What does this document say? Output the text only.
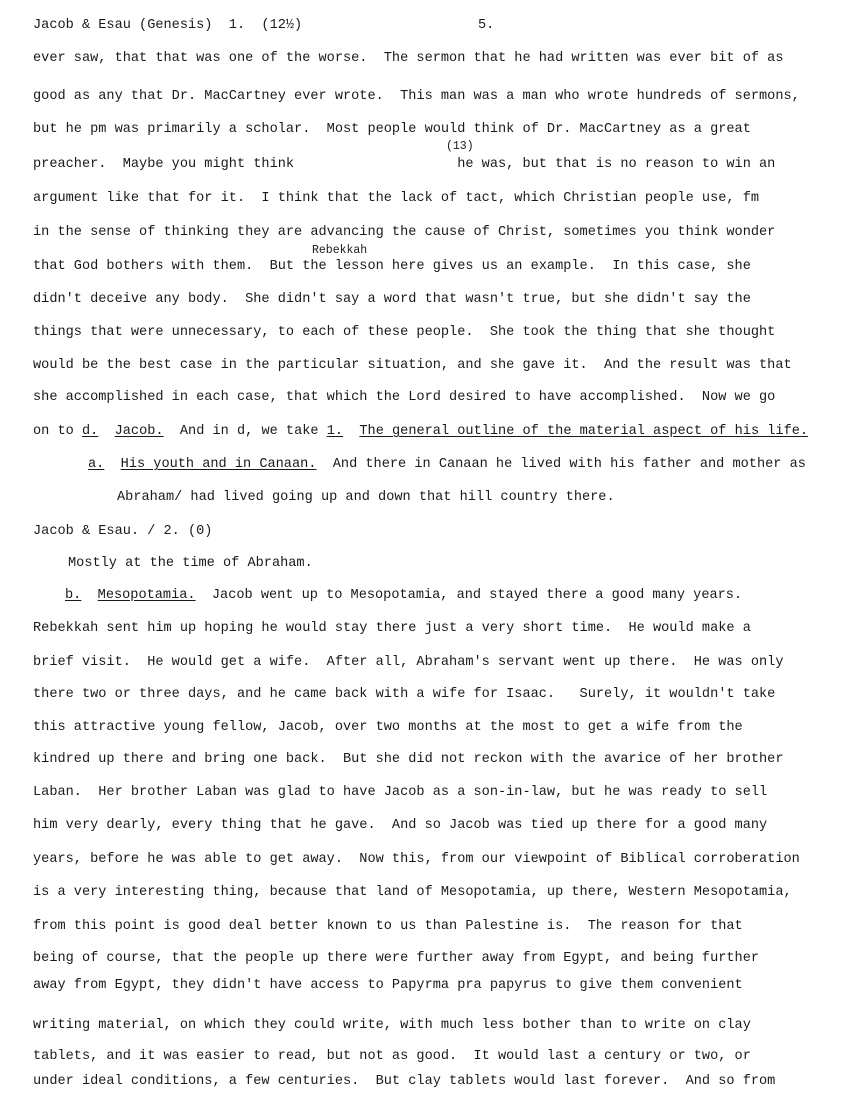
Jacob & Esau (Genesis)  1.  (12½)	5.
ever saw, that that was one of the worse.  The sermon that he had written was ever bit of as
good as any that Dr. MacCartney ever wrote.  This man was a man who wrote hundreds of sermons,
but he pm was primarily a scholar.  Most people would think of Dr. MacCartney as a great
(13)
preacher.  Maybe you might think                    he was, but that is no reason to win an
argument like that for it.  I think that the lack of tact, which Christian people use, fm
in the sense of thinking they are advancing the cause of Christ, sometimes you think wonder
Rebekkah
that God bothers with them.  But the lesson here gives us an example.  In this case, she
didn't deceive any body.  She didn't say a word that wasn't true, but she didn't say the
things that were unnecessary, to each of these people.  She took the thing that she thought
would be the best case in the particular situation, and she gave it.  And the result was that
she accomplished in each case, that which the Lord desired to have accomplished.  Now we go
on to d. Jacob.  And in d, we take 1. The general outline of the material aspect of his life.
a. His youth and in Canaan.  And there in Canaan he lived with his father and mother as
Abraham/ had lived going up and down that hill country there.
Jacob & Esau. / 2. (0)
Mostly at the time of Abraham.
b. Mesopotamia.  Jacob went up to Mesopotamia, and stayed there a good many years.
Rebekkah sent him up hoping he would stay there just a very short time.  He would make a
brief visit.  He would get a wife.  After all, Abraham's servant went up there.  He was only
there two or three days, and he came back with a wife for Isaac.   Surely, it wouldn't take
this attractive young fellow, Jacob, over two months at the most to get a wife from the
kindred up there and bring one back.  But she did not reckon with the avarice of her brother
Laban.  Her brother Laban was glad to have Jacob as a son-in-law, but he was ready to sell
him very dearly, every thing that he gave.  And so Jacob was tied up there for a good many
years, before he was able to get away.  Now this, from our viewpoint of Biblical corroberation
is a very interesting thing, because that land of Mesopotamia, up there, Western Mesopotamia,
from this point is good deal better known to us than Palestine is.  The reason for that
being of course, that the people up there were further away from Egypt, and being further
away from Egypt, they didn't have access to Papyrma pra papyrus to give them convenient
writing material, on which they could write, with much less bother than to write on clay
tablets, and it was easier to read, but not as good.  It would last a century or two, or
under ideal conditions, a few centuries.  But clay tablets would last forever.  And so from
